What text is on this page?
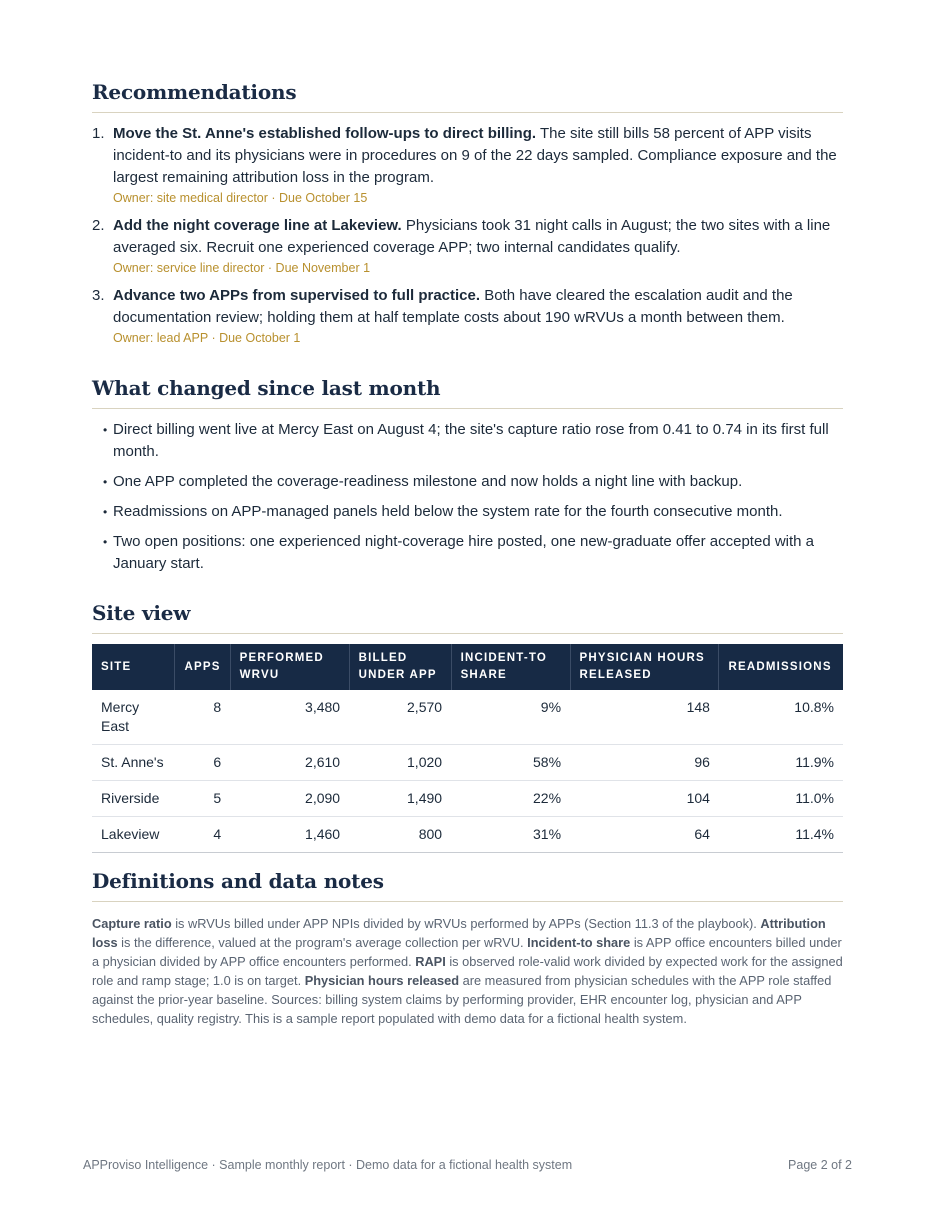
Recommendations
1. Move the St. Anne's established follow-ups to direct billing. The site still bills 58 percent of APP visits incident-to and its physicians were in procedures on 9 of the 22 days sampled. Compliance exposure and the largest remaining attribution loss in the program.
Owner: site medical director · Due October 15
2. Add the night coverage line at Lakeview. Physicians took 31 night calls in August; the two sites with a line averaged six. Recruit one experienced coverage APP; two internal candidates qualify.
Owner: service line director · Due November 1
3. Advance two APPs from supervised to full practice. Both have cleared the escalation audit and the documentation review; holding them at half template costs about 190 wRVUs a month between them.
Owner: lead APP · Due October 1
What changed since last month
• Direct billing went live at Mercy East on August 4; the site's capture ratio rose from 0.41 to 0.74 in its first full month.
• One APP completed the coverage-readiness milestone and now holds a night line with backup.
• Readmissions on APP-managed panels held below the system rate for the fourth consecutive month.
• Two open positions: one experienced night-coverage hire posted, one new-graduate offer accepted with a January start.
Site view
SITE	APPS	PERFORMED WRVU	BILLED UNDER APP	INCIDENT-TO SHARE	PHYSICIAN HOURS RELEASED	READMISSIONS
Mercy East	8	3,480	2,570	9%	148	10.8%
St. Anne's	6	2,610	1,020	58%	96	11.9%
Riverside	5	2,090	1,490	22%	104	11.0%
Lakeview	4	1,460	800	31%	64	11.4%
Definitions and data notes

Capture ratio is wRVUs billed under APP NPIs divided by wRVUs performed by APPs (Section 11.3 of the playbook). Attribution loss is the difference, valued at the program's average collection per wRVU. Incident-to share is APP office encounters billed under a physician divided by APP office encounters performed. RAPI is observed role-valid work divided by expected work for the assigned role and ramp stage; 1.0 is on target. Physician hours released are measured from physician schedules with the APP role staffed against the prior-year baseline. Sources: billing system claims by performing provider, EHR encounter log, physician and APP schedules, quality registry. This is a sample report populated with demo data for a fictional health system.

APProviso Intelligence · Sample monthly report · Demo data for a fictional health system	Page 2 of 2
